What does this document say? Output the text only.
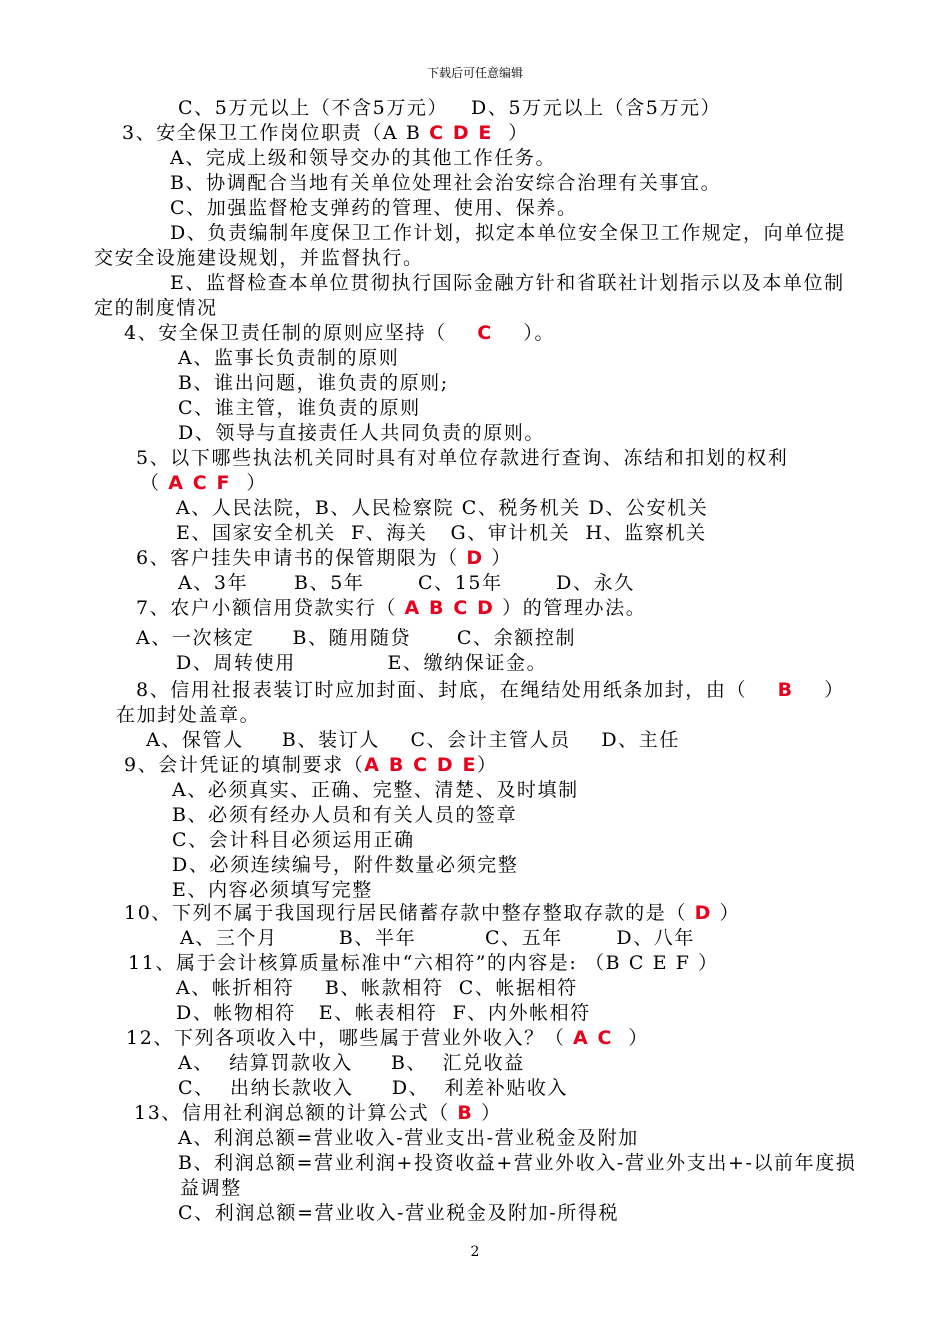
下载后可任意编辑
C、5万元以上（不含5万元）   D、5万元以上（含5万元）
3、安全保卫工作岗位职责（A B C D E  ）
A、完成上级和领导交办的其他工作任务。
B、协调配合当地有关单位处理社会治安综合治理有关事宜。
C、加强监督枪支弹药的管理、使用、保养。
D、负责编制年度保卫工作计划，拟定本单位安全保卫工作规定，向单位提
交安全设施建设规划，并监督执行。
E、监督检查本单位贯彻执行国际金融方针和省联社计划指示以及本单位制
定的制度情况
4、安全保卫责任制的原则应坚持（    C    ）。
A、监事长负责制的原则
B、谁出问题，谁负责的原则;
C、谁主管，谁负责的原则
D、领导与直接责任人共同负责的原则。
5、以下哪些执法机关同时具有对单位存款进行查询、冻结和扣划的权利
（ A C F  ）
A、人民法院，B、人民检察院 C、税务机关 D、公安机关
E、国家安全机关  F、海关   G、审计机关  H、监察机关
6、客户挂失申请书的保管期限为（ D ）
A、3年      B、5年       C、15年       D、永久
7、农户小额信用贷款实行（ A B C D ）的管理办法。
A、一次核定     B、随用随贷      C、余额控制
D、周转使用            E、缴纳保证金。
8、信用社报表装订时应加封面、封底，在绳结处用纸条加封，由（    B    ）
在加封处盖章。
A、保管人     B、装订人    C、会计主管人员    D、主任
9、会计凭证的填制要求（A B C D E）
A、必须真实、正确、完整、清楚、及时填制
B、必须有经办人员和有关人员的签章
C、会计科目必须运用正确
D、必须连续编号，附件数量必须完整
E、内容必须填写完整
10、下列不属于我国现行居民储蓄存款中整存整取存款的是（ D ）
A、三个月        B、半年         C、五年       D、八年
11、属于会计核算质量标准中“六相符”的内容是: （B C E F ）
A、帐折相符    B、帐款相符  C、帐据相符
D、帐物相符   E、帐表相符  F、内外帐相符
12、下列各项收入中，哪些属于营业外收入？（ A C  ）
A、  结算罚款收入     B、  汇兑收益
C、  出纳长款收入     D、  利差补贴收入
13、信用社利润总额的计算公式（ B ）
A、利润总额=营业收入-营业支出-营业税金及附加
B、利润总额=营业利润+投资收益+营业外收入-营业外支出+-以前年度损
益调整
C、利润总额=营业收入-营业税金及附加-所得税
2
